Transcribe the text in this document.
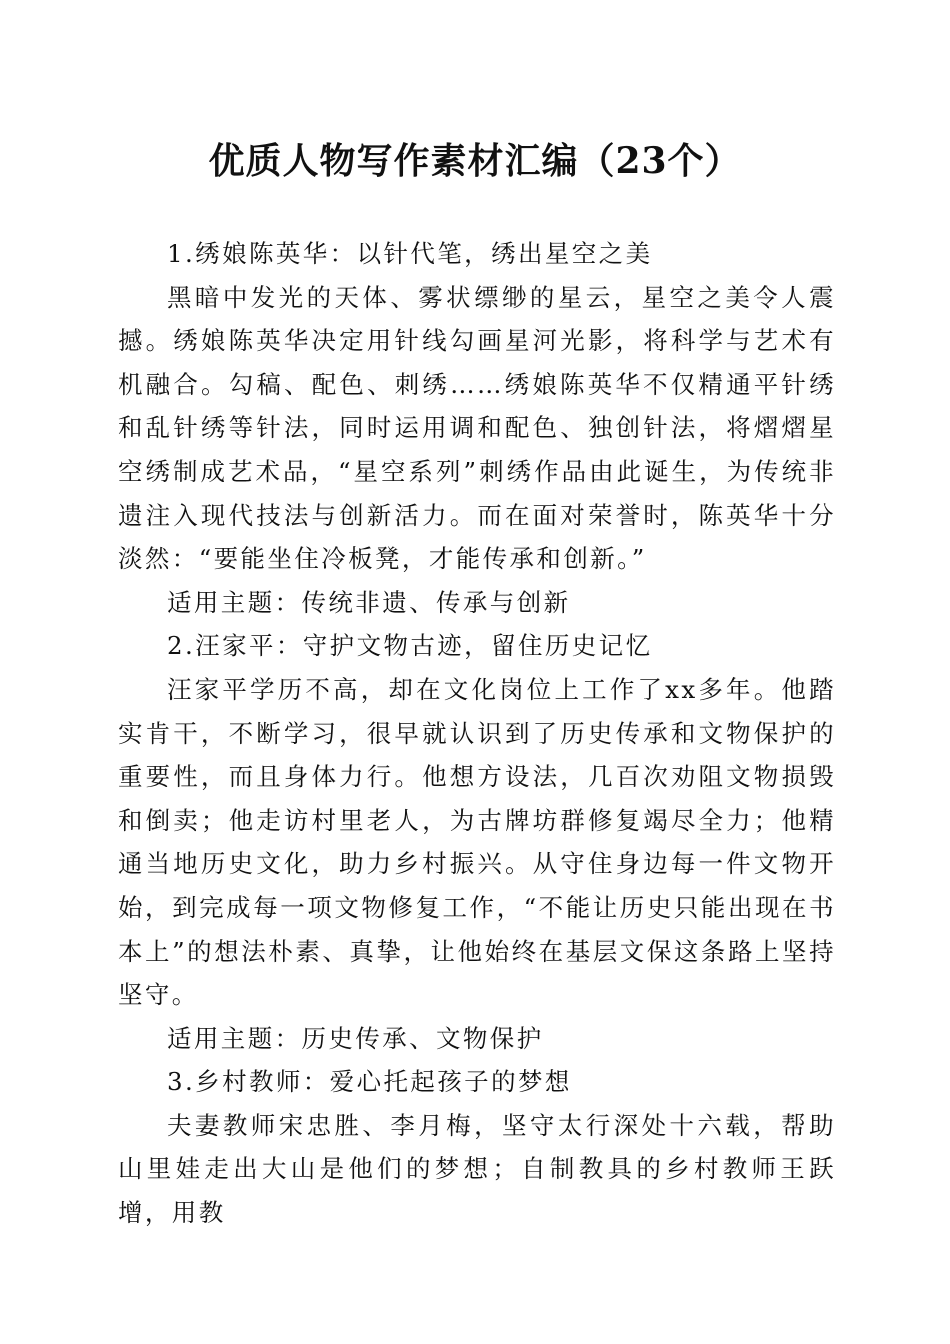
优质人物写作素材汇编（23个）

1.绣娘陈英华：以针代笔，绣出星空之美

黑暗中发光的天体、雾状缥缈的星云，星空之美令人震撼。绣娘陈英华决定用针线勾画星河光影，将科学与艺术有机融合。勾稿、配色、刺绣……绣娘陈英华不仅精通平针绣和乱针绣等针法，同时运用调和配色、独创针法，将熠熠星空绣制成艺术品，“星空系列”刺绣作品由此诞生，为传统非遗注入现代技法与创新活力。而在面对荣誉时，陈英华十分淡然：“要能坐住冷板凳，才能传承和创新。”

适用主题：传统非遗、传承与创新

2.汪家平：守护文物古迹，留住历史记忆

汪家平学历不高，却在文化岗位上工作了xx多年。他踏实肯干，不断学习，很早就认识到了历史传承和文物保护的重要性，而且身体力行。他想方设法，几百次劝阻文物损毁和倒卖；他走访村里老人，为古牌坊群修复竭尽全力；他精通当地历史文化，助力乡村振兴。从守住身边每一件文物开始，到完成每一项文物修复工作，“不能让历史只能出现在书本上”的想法朴素、真挚，让他始终在基层文保这条路上坚持坚守。

适用主题：历史传承、文物保护

3.乡村教师：爱心托起孩子的梦想

夫妻教师宋忠胜、李月梅，坚守太行深处十六载，帮助山里娃走出大山是他们的梦想；自制教具的乡村教师王跃增，用教
